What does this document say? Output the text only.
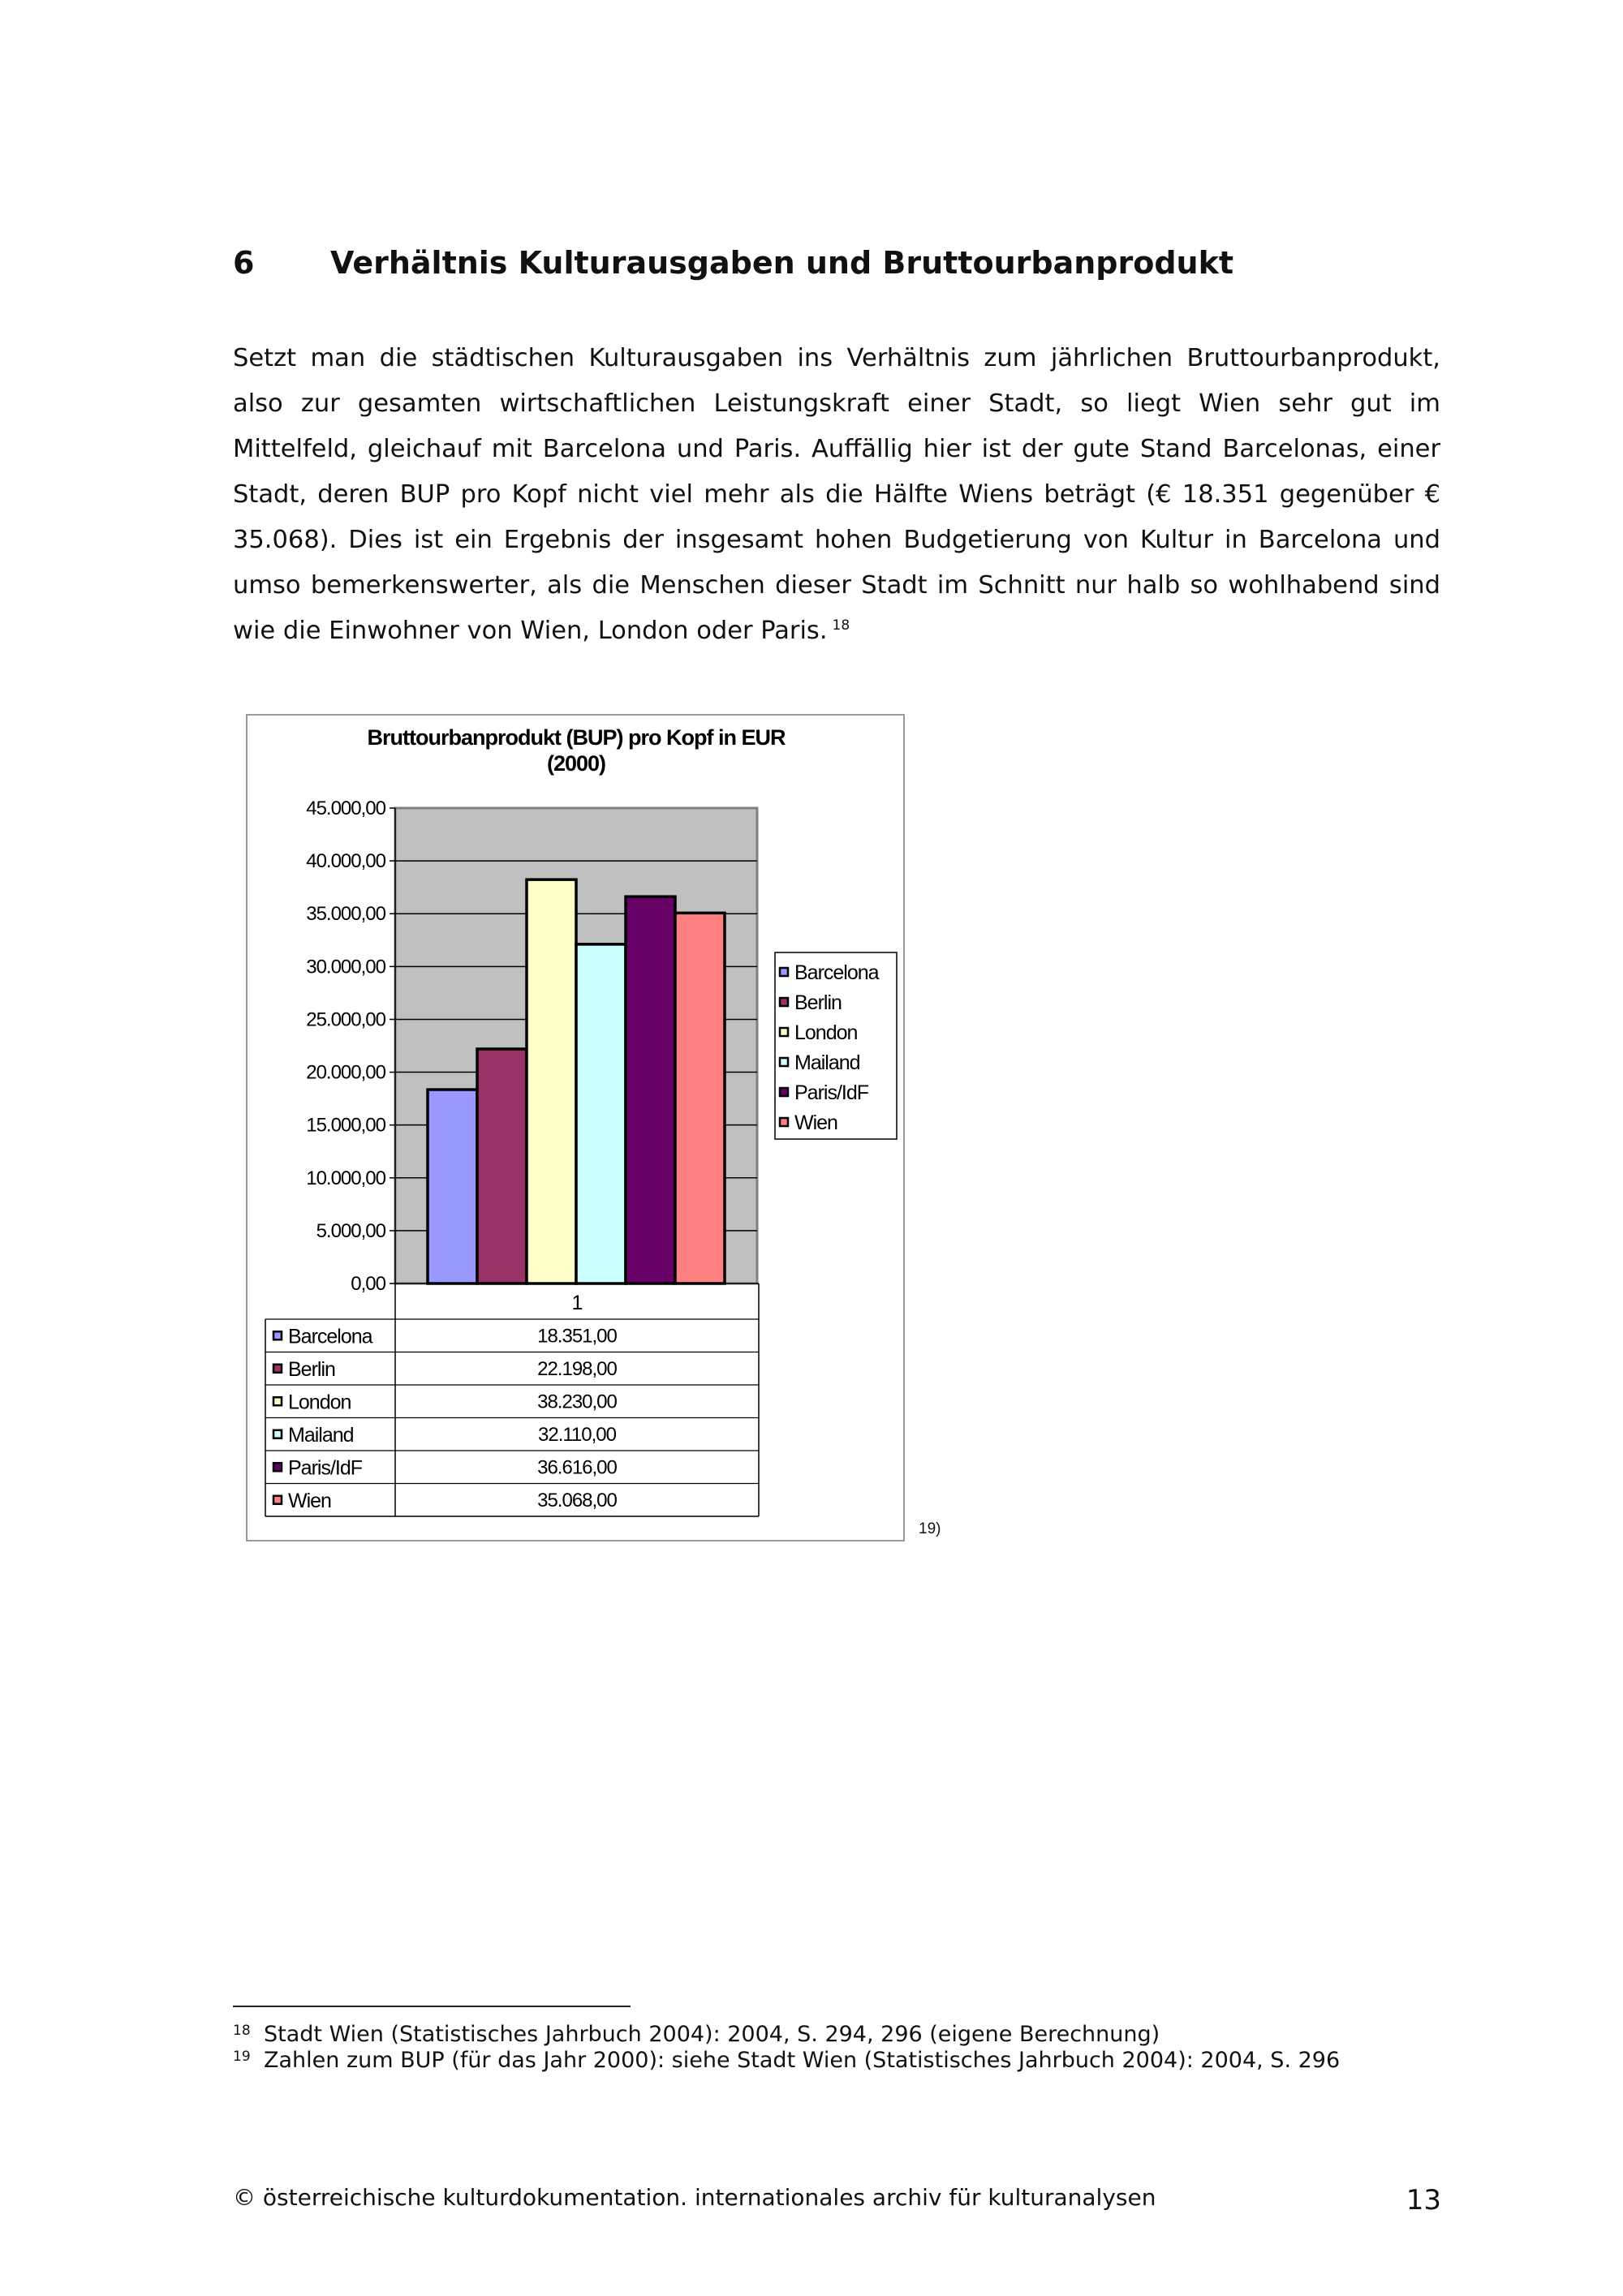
6 Verhältnis Kulturausgaben und Bruttourbanprodukt

Setzt man die städtischen Kulturausgaben ins Verhältnis zum jährlichen Bruttourbanprodukt, also zur gesamten wirtschaftlichen Leistungskraft einer Stadt, so liegt Wien sehr gut im Mittelfeld, gleichauf mit Barcelona und Paris. Auffällig hier ist der gute Stand Barcelonas, einer Stadt, deren BUP pro Kopf nicht viel mehr als die Hälfte Wiens beträgt (€ 18.351 gegenüber € 35.068). Dies ist ein Ergebnis der insgesamt hohen Budgetierung von Kultur in Barcelona und umso bemerkenswerter, als die Menschen dieser Stadt im Schnitt nur halb so wohlhabend sind wie die Einwohner von Wien, London oder Paris. $^{18}$

Bruttourbanprodukt (BUP) pro Kopf in EUR
(2000)
0,00
5.000,00
10.000,00
15.000,00
20.000,00
25.000,00
30.000,00
35.000,00
40.000,00
45.000,00
1
Barcelona	18.351,00
Berlin	22.198,00
London	38.230,00
Mailand	32.110,00
Paris/IdF	36.616,00
Wien	35.068,00
Barcelona
Berlin
London
Mailand
Paris/IdF
Wien
19)
18 Stadt Wien (Statistisches Jahrbuch 2004): 2004, S. 294, 296 (eigene Berechnung)
19 Zahlen zum BUP (für das Jahr 2000): siehe Stadt Wien (Statistisches Jahrbuch 2004): 2004, S. 296
© österreichische kulturdokumentation. internationales archiv für kulturanalysen	13
